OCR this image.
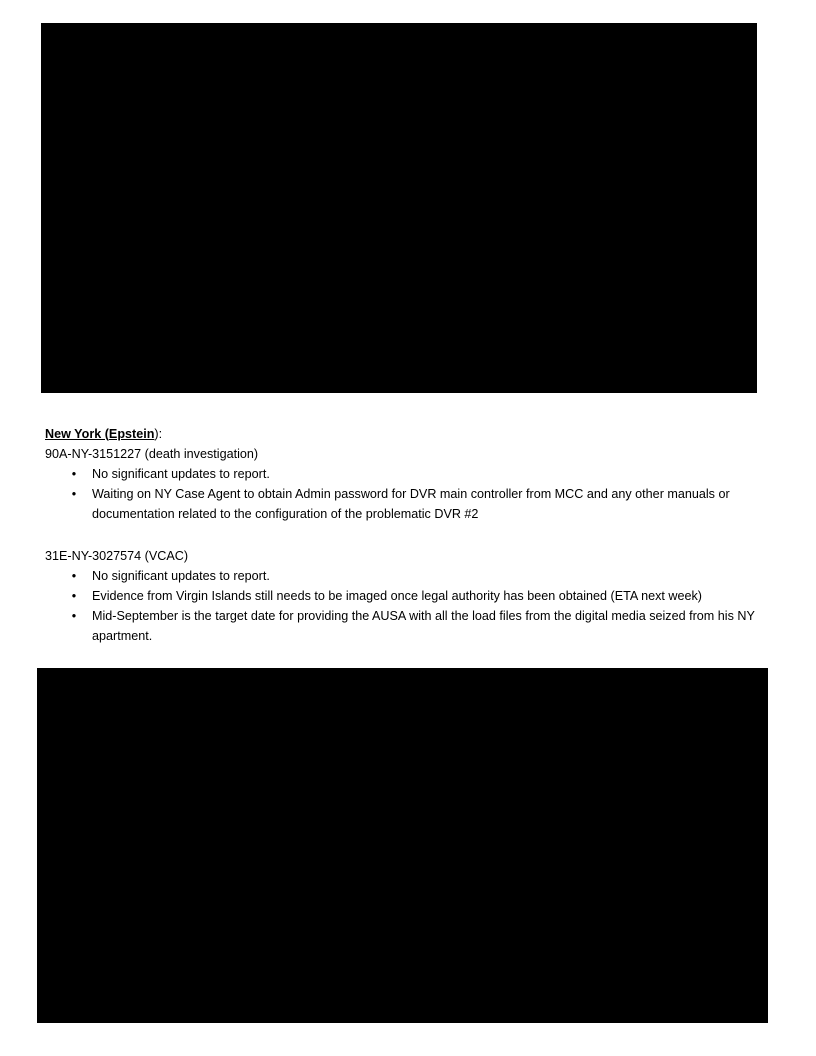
New York (Epstein):

90A-NY-3151227 (death investigation)

• No significant updates to report.
• Waiting on NY Case Agent to obtain Admin password for DVR main controller from MCC and any other manuals or documentation related to the configuration of the problematic DVR #2

31E-NY-3027574 (VCAC)

• No significant updates to report.
• Evidence from Virgin Islands still needs to be imaged once legal authority has been obtained (ETA next week)
• Mid-September is the target date for providing the AUSA with all the load files from the digital media seized from his NY apartment.
